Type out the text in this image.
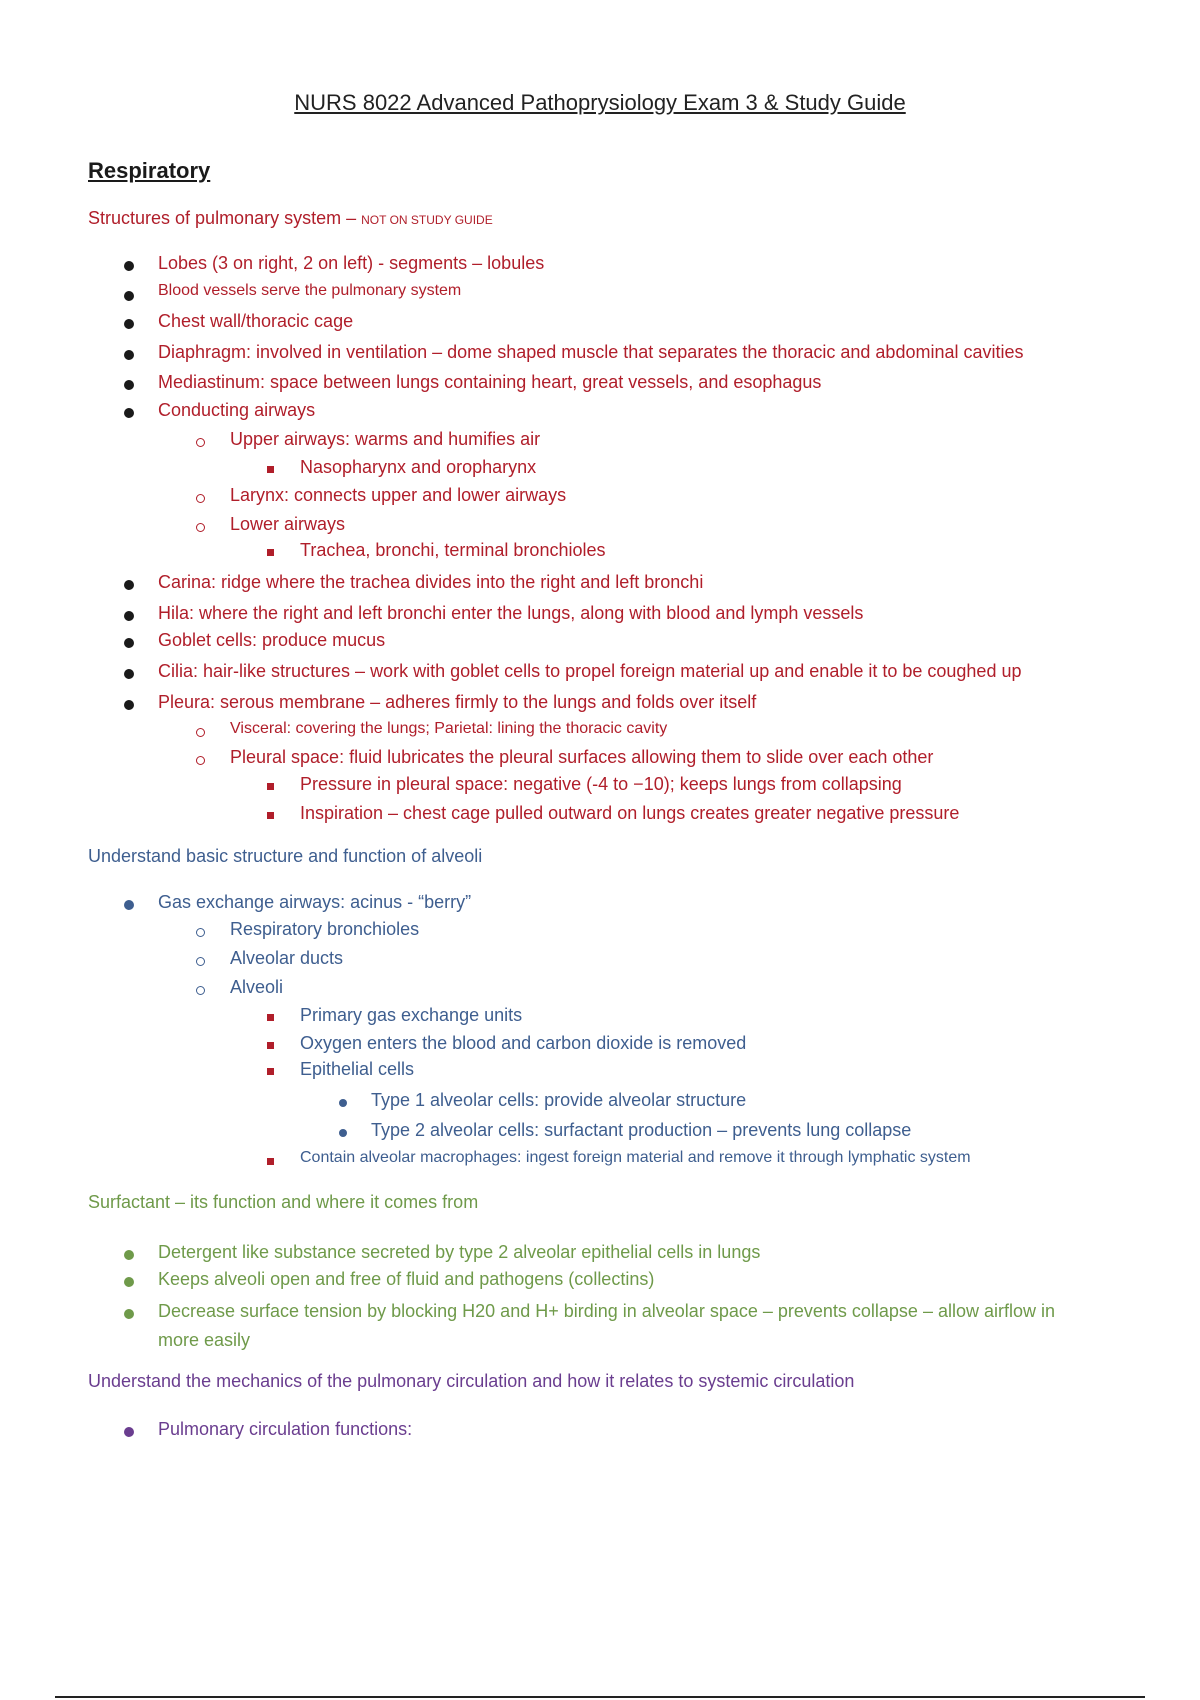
NURS 8022 Advanced Pathoprysiology Exam 3 & Study Guide
Respiratory
Structures of pulmonary system – NOT ON STUDY GUIDE
Lobes (3 on right, 2 on left) - segments – lobules
Blood vessels serve the pulmonary system
Chest wall/thoracic cage
Diaphragm: involved in ventilation – dome shaped muscle that separates the thoracic and abdominal cavities
Mediastinum: space between lungs containing heart, great vessels, and esophagus
Conducting airways
Upper airways: warms and humifies air
Nasopharynx and oropharynx
Larynx: connects upper and lower airways
Lower airways
Trachea, bronchi, terminal bronchioles
Carina: ridge where the trachea divides into the right and left bronchi
Hila: where the right and left bronchi enter the lungs, along with blood and lymph vessels
Goblet cells: produce mucus
Cilia: hair-like structures – work with goblet cells to propel foreign material up and enable it to be coughed up
Pleura: serous membrane – adheres firmly to the lungs and folds over itself
Visceral: covering the lungs; Parietal: lining the thoracic cavity
Pleural space: fluid lubricates the pleural surfaces allowing them to slide over each other
Pressure in pleural space: negative (-4 to −10); keeps lungs from collapsing
Inspiration – chest cage pulled outward on lungs creates greater negative pressure
Understand basic structure and function of alveoli
Gas exchange airways: acinus - “berry”
Respiratory bronchioles
Alveolar ducts
Alveoli
Primary gas exchange units
Oxygen enters the blood and carbon dioxide is removed
Epithelial cells
Type 1 alveolar cells: provide alveolar structure
Type 2 alveolar cells: surfactant production – prevents lung collapse
Contain alveolar macrophages: ingest foreign material and remove it through lymphatic system
Surfactant – its function and where it comes from
Detergent like substance secreted by type 2 alveolar epithelial cells in lungs
Keeps alveoli open and free of fluid and pathogens (collectins)
Decrease surface tension by blocking H20 and H+ birding in alveolar space – prevents collapse – allow airflow in
more easily
Understand the mechanics of the pulmonary circulation and how it relates to systemic circulation
Pulmonary circulation functions:
